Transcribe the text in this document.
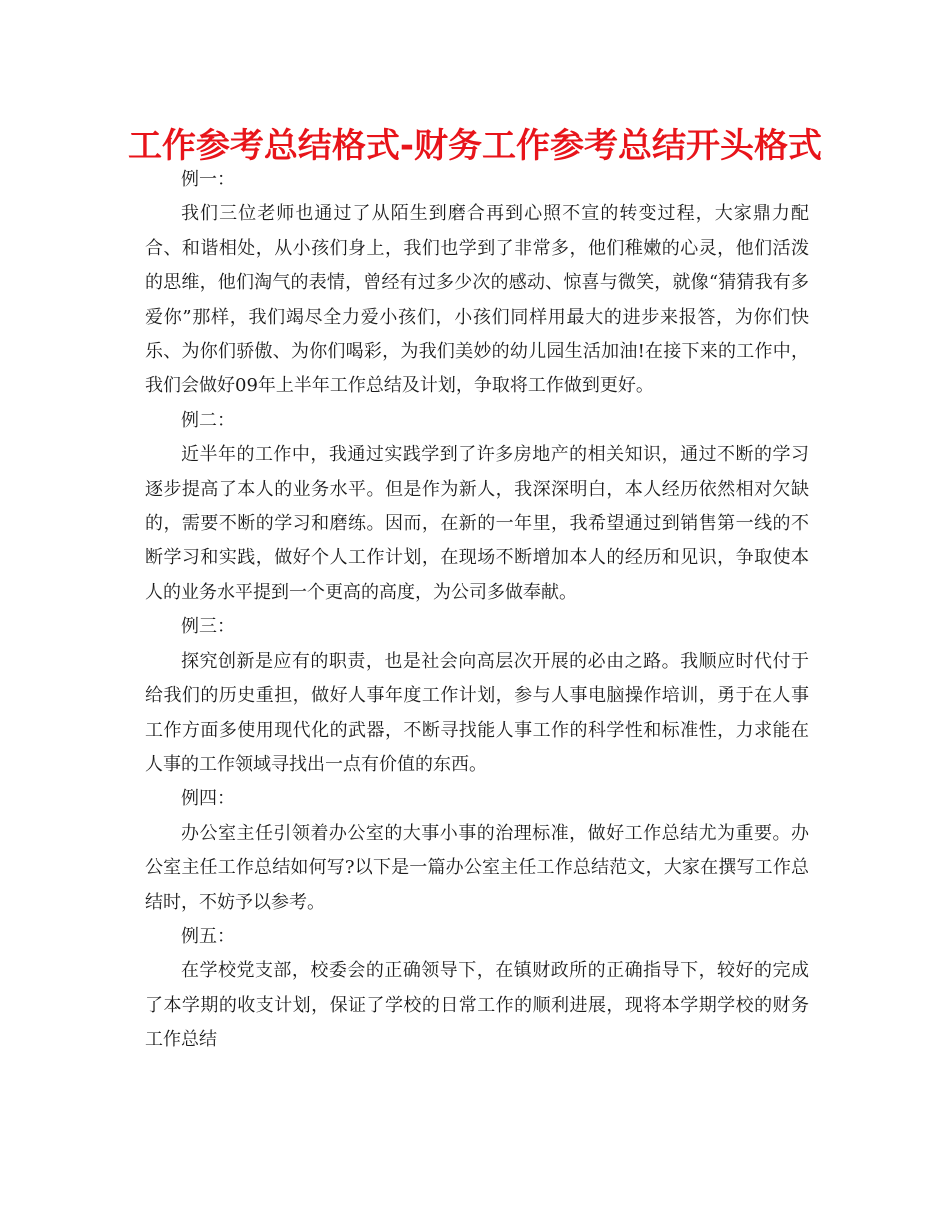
工作参考总结格式-财务工作参考总结开头格式

例一：

我们三位老师也通过了从陌生到磨合再到心照不宣的转变过程，大家鼎力配合、和谐相处，从小孩们身上，我们也学到了非常多，他们稚嫩的心灵，他们活泼的思维，他们淘气的表情，曾经有过多少次的感动、惊喜与微笑，就像“猜猜我有多爱你”那样，我们竭尽全力爱小孩们，小孩们同样用最大的进步来报答，为你们快乐、为你们骄傲、为你们喝彩，为我们美妙的幼儿园生活加油!在接下来的工作中，我们会做好09年上半年工作总结及计划，争取将工作做到更好。

例二：

近半年的工作中，我通过实践学到了许多房地产的相关知识，通过不断的学习逐步提高了本人的业务水平。但是作为新人，我深深明白，本人经历依然相对欠缺的，需要不断的学习和磨练。因而，在新的一年里，我希望通过到销售第一线的不断学习和实践，做好个人工作计划，在现场不断增加本人的经历和见识，争取使本人的业务水平提到一个更高的高度，为公司多做奉献。

例三：

探究创新是应有的职责，也是社会向高层次开展的必由之路。我顺应时代付于给我们的历史重担，做好人事年度工作计划，参与人事电脑操作培训，勇于在人事工作方面多使用现代化的武器，不断寻找能人事工作的科学性和标准性，力求能在人事的工作领域寻找出一点有价值的东西。

例四：

办公室主任引领着办公室的大事小事的治理标准，做好工作总结尤为重要。办公室主任工作总结如何写?以下是一篇办公室主任工作总结范文，大家在撰写工作总结时，不妨予以参考。

例五：

在学校党支部，校委会的正确领导下，在镇财政所的正确指导下，较好的完成了本学期的收支计划，保证了学校的日常工作的顺利进展，现将本学期学校的财务工作总结
